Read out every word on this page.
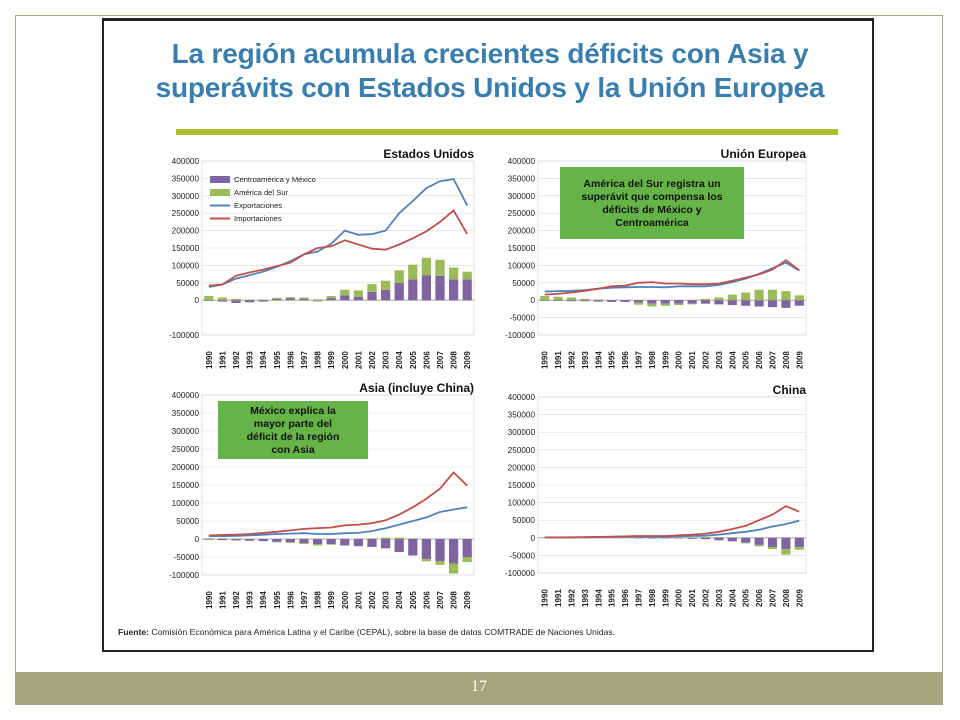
La región acumula crecientes déficits con Asia y superávits con Estados Unidos y la Unión Europea
400000
350000
300000
250000
200000
150000
100000
50000
0
-100000
1990 1991 1992 1993 1994 1995 1996 1997 1998 1999 2000 2001 2002 2003 2004 2005 2006 2007 2008 2009
Estados Unidos
Centroamérica y México
América del Sur
Exportaciones
Importaciones
400000
350000
300000
250000
200000
150000
100000
50000
0
-50000
-100000
1990 1991 1992 1993 1994 1995 1996 1997 1998 1999 2000 2001 2002 2003 2004 2005 2006 2007 2008 2009
Unión Europea
América del Sur registra un superávit que compensa los déficits de México y Centroamérica
400000
350000
300000
250000
200000
150000
100000
50000
0
-50000
-100000
1990 1991 1992 1993 1994 1995 1996 1997 1998 1999 2000 2001 2002 2003 2004 2005 2006 2007 2008 2009
Asia (incluye China)
México explica la mayor parte del déficit de la región con Asia
400000
350000
300000
250000
200000
150000
100000
50000
0
-50000
-100000
1990 1991 1992 1993 1994 1995 1996 1997 1998 1999 2000 2001 2002 2003 2004 2005 2006 2007 2008 2009
China
Fuente: Comisión Económica para América Latina y el Caribe (CEPAL), sobre la base de datos COMTRADE de Naciones Unidas.
17
